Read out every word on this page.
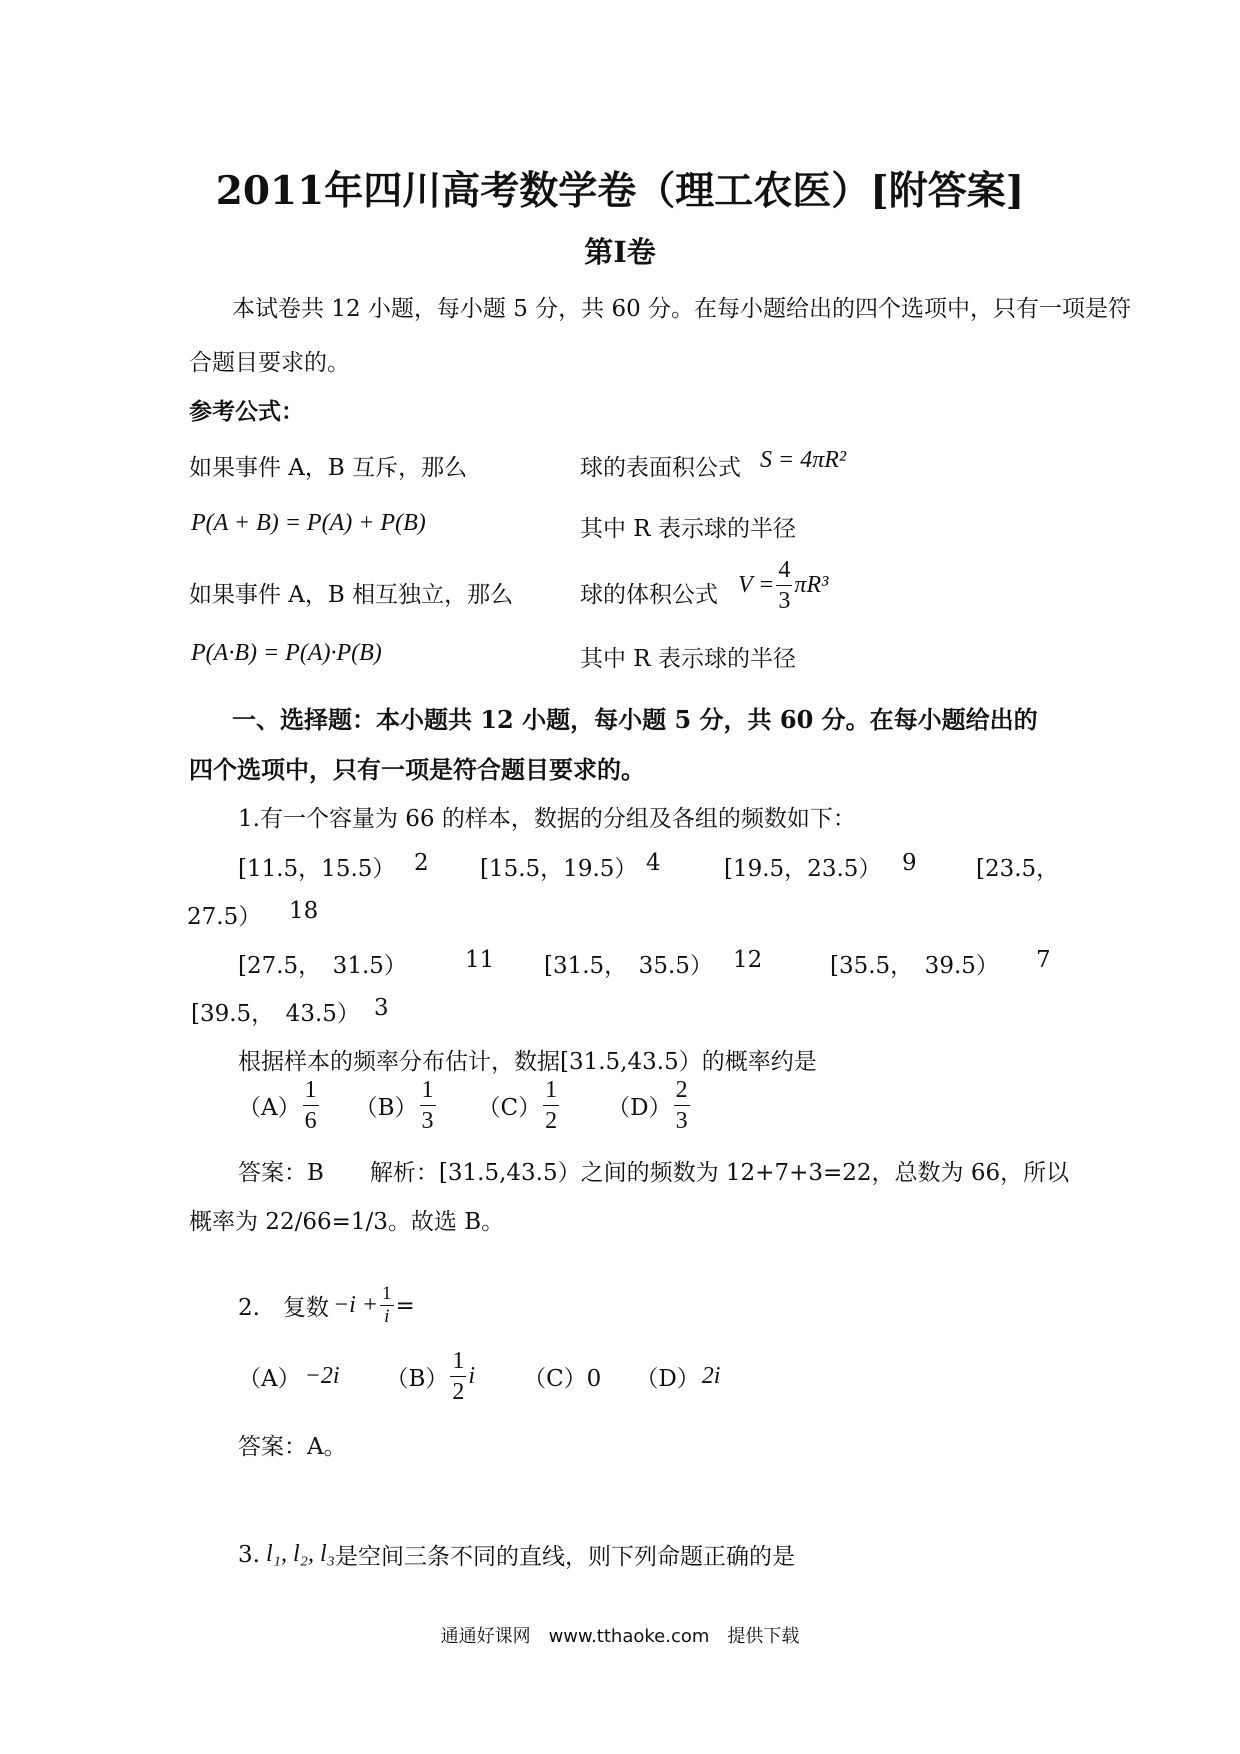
2011年四川高考数学卷（理工农医）[附答案]
第Ⅰ卷
本试卷共 12 小题，每小题 5 分，共 60 分。在每小题给出的四个选项中，只有一项是符
合题目要求的。
参考公式：
如果事件 A，B 互斥，那么	球的表面积公式 S = 4πR²
P(A + B) = P(A) + P(B)	其中 R 表示球的半径
如果事件 A，B 相互独立，那么	球的体积公式 $V = \frac{4}{3} \pi R^3$
P(A·B) = P(A)·P(B)	其中 R 表示球的半径
一、选择题：本小题共 12 小题，每小题 5 分，共 60 分。在每小题给出的
四个选项中，只有一项是符合题目要求的。
1.有一个容量为 66 的样本，数据的分组及各组的频数如下：
[11.5，15.5） 2 [15.5，19.5） 4	[19.5，23.5） 9	[23.5，
27.5） 18
[27.5，　31.5）	11 [31.5，　35.5） 12	[35.5，　39.5） 7
[39.5，　43.5） 3
根据样本的频率分布估计，数据[31.5,43.5）的概率约是
$(A) \frac{1}{6} (B) \frac{1}{3} (C) \frac{1}{2} (D) \frac{2}{3}$
答案：B　　解析：[31.5,43.5）之间的频数为 12+7+3=22，总数为 66，所以
概率为 22/66=1/3。故选 B。
2.　复数 $-i + \frac{1}{i}$ =
（A） −2i $(B) \frac{1}{2}$ i （C）0 （D） 2i
答案：A。
3. l₁, l₂, l₃ 是空间三条不同的直线，则下列命题正确的是
通通好课网　www.tthaoke.com　提供下载
